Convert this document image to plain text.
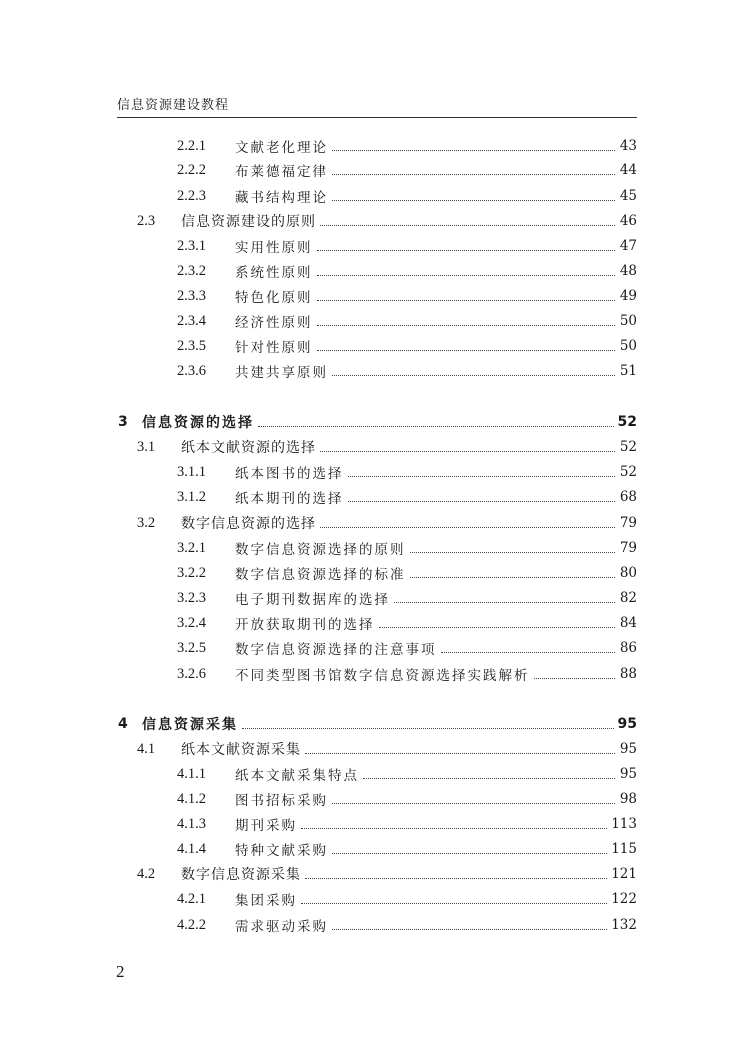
信息资源建设教程
2.2.1	文献老化理论	43
2.2.2	布莱德福定律	44
2.2.3	藏书结构理论	45
2.3	信息资源建设的原则	46
2.3.1	实用性原则	47
2.3.2	系统性原则	48
2.3.3	特色化原则	49
2.3.4	经济性原则	50
2.3.5	针对性原则	50
2.3.6	共建共享原则	51
3	信息资源的选择	52
3.1	纸本文献资源的选择	52
3.1.1	纸本图书的选择	52
3.1.2	纸本期刊的选择	68
3.2	数字信息资源的选择	79
3.2.1	数字信息资源选择的原则	79
3.2.2	数字信息资源选择的标准	80
3.2.3	电子期刊数据库的选择	82
3.2.4	开放获取期刊的选择	84
3.2.5	数字信息资源选择的注意事项	86
3.2.6	不同类型图书馆数字信息资源选择实践解析	88
4	信息资源采集	95
4.1	纸本文献资源采集	95
4.1.1	纸本文献采集特点	95
4.1.2	图书招标采购	98
4.1.3	期刊采购	113
4.1.4	特种文献采购	115
4.2	数字信息资源采集	121
4.2.1	集团采购	122
4.2.2	需求驱动采购	132
2
